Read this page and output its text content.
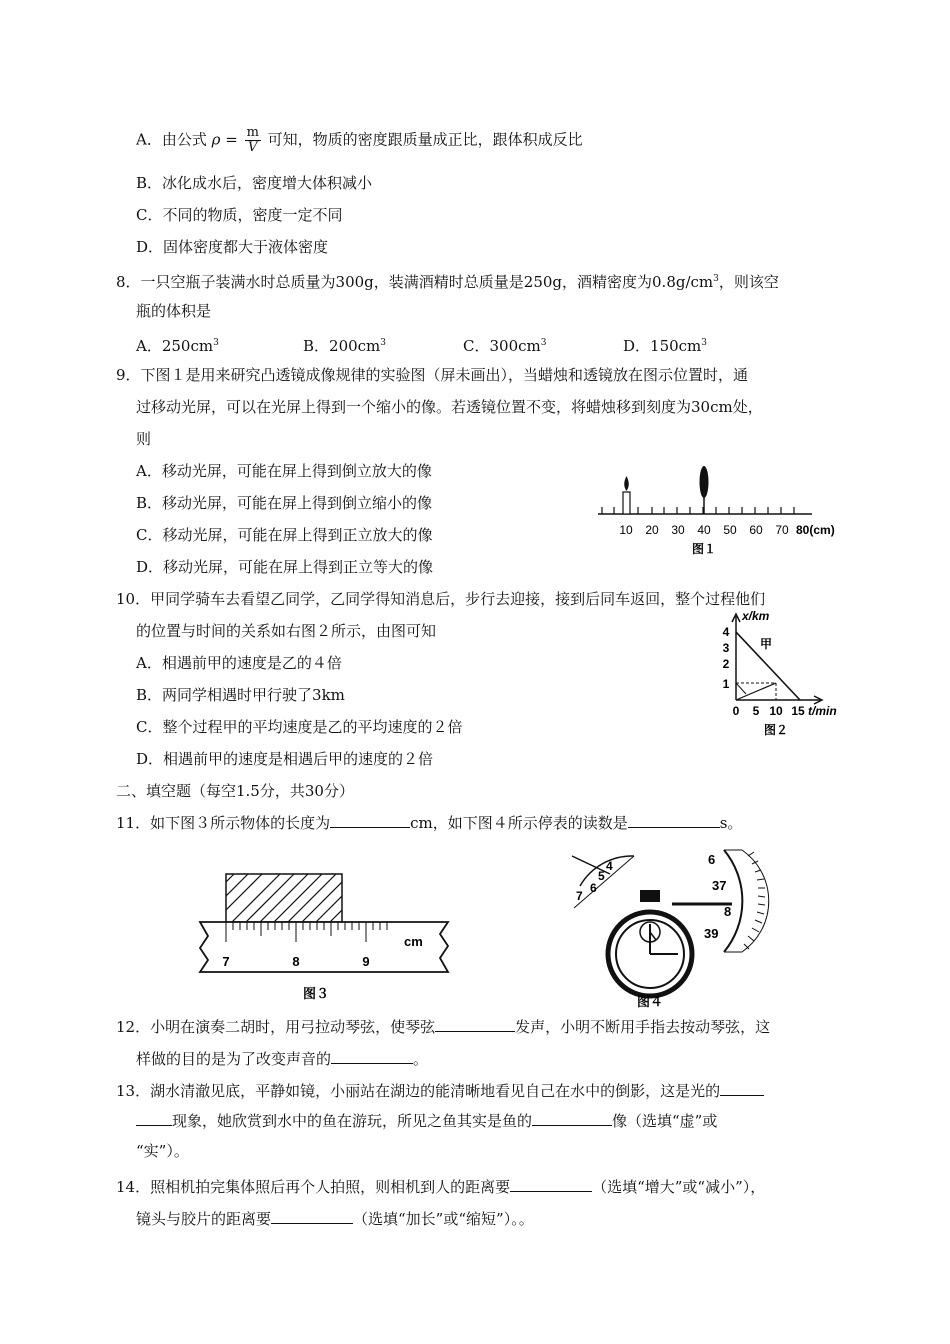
A．由公式 $\rho = \frac{m}{V}$ 可知，物质的密度跟质量成正比，跟体积成反比
B．冰化成水后，密度增大体积减小
C．不同的物质，密度一定不同
D．固体密度都大于液体密度
8．一只空瓶子装满水时总质量为300g，装满酒精时总质量是250g，酒精密度为$0.8g/cm^3$，则该空
瓶的体积是
A．$250cm^3$	B．$200cm^3$	C．$300cm^3$	D．$150cm^3$
9．下图１是用来研究凸透镜成像规律的实验图（屏未画出），当蜡烛和透镜放在图示位置时，通
过移动光屏，可以在光屏上得到一个缩小的像。若透镜位置不变，将蜡烛移到刻度为30cm处，
则
A．移动光屏，可能在屏上得到倒立放大的像
B．移动光屏，可能在屏上得到倒立缩小的像
C．移动光屏，可能在屏上得到正立放大的像
D．移动光屏，可能在屏上得到正立等大的像
10 20 30 40 50 60 70 80(cm)
图１
10．甲同学骑车去看望乙同学，乙同学得知消息后，步行去迎接，接到后同车返回，整个过程他们
的位置与时间的关系如右图２所示，由图可知
A．相遇前甲的速度是乙的４倍
B．两同学相遇时甲行驶了3km
C．整个过程甲的平均速度是乙的平均速度的２倍
D．相遇前甲的速度是相遇后甲的速度的２倍
x/km
4
3
2
1
甲
0 5 10 15 t/min
图２
二、填空题（每空1.5分，共30分）
11．如下图３所示物体的长度为	cm，如下图４所示停表的读数是	s。
7	8	9
cm
图３
4
5
6
7
6
37
8
39
图４
12．小明在演奏二胡时，用弓拉动琴弦，使琴弦	发声，小明不断用手指去按动琴弦，这
样做的目的是为了改变声音的	。
13．湖水清澈见底，平静如镜，小丽站在湖边的能清晰地看见自己在水中的倒影，这是光的
现象，她欣赏到水中的鱼在游玩，所见之鱼其实是鱼的	像（选填“虚”或
“实”）。
14．照相机拍完集体照后再个人拍照，则相机到人的距离要	（选填“增大”或“减小”），
镜头与胶片的距离要	（选填“加长”或“缩短”）。。
